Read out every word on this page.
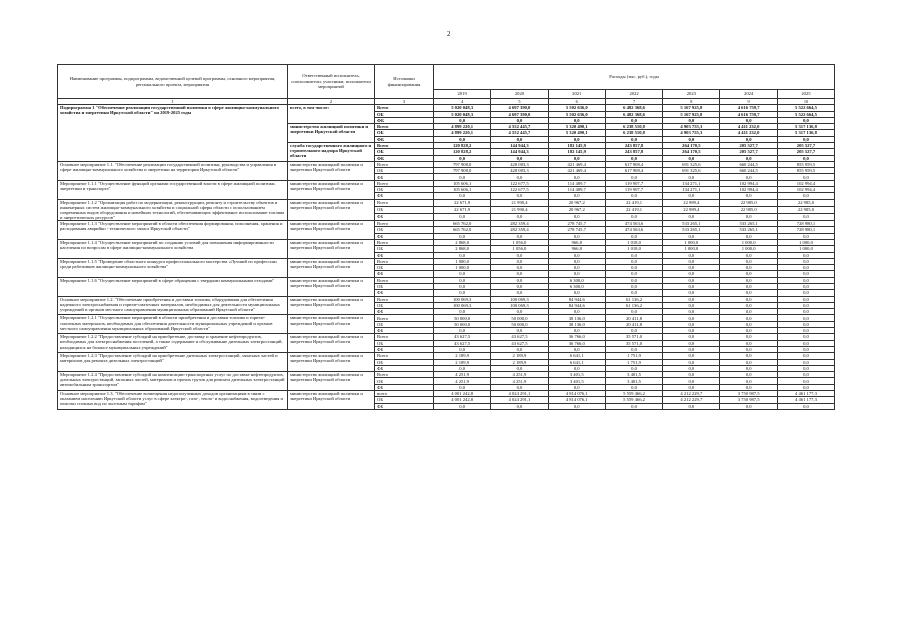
2
Наименование программы, подпрограммы, ведомственной целевой программы, основного мероприятия, регионального проекта, мероприятия	Ответственный исполнитель, соисполнители, участники, исполнители мероприятий	Источники финансирования	Расходы (тыс. руб.), годы						
			2019	2020	2021	2022	2023	2024	2025
1	2	3	4	5	6	7	8	9	10
Подпрограмма 1 "Обеспечение реализации государственной политики в сфере жилищно-коммунального хозяйства и энергетики Иркутской области" на 2019-2025 годы	всего, в том числе:	Всего	5 020 048,3	4 697 390,0	5 502 636,0	6 482 368,6	5 167 925,8	4 616 759,7	5 522 664,5
		ОБ	5 020 048,3	4 697 390,0	5 502 636,0	6 482 368,6	5 167 925,8	4 616 759,7	5 522 664,5
		ФБ	0,0	0,0	0,0	0,0	0,0	0,0	0,0
	министерство жилищной политики и энергетики Иркутской области	Всего	4 899 220,1	4 552 445,7	5 320 490,1	6 238 510,8	4 903 755,3	4 411 232,0	5 317 136,8
		ОБ	4 899 220,1	4 552 445,7	5 320 490,1	6 238 510,8	4 903 755,3	4 411 232,0	5 317 136,8
		ФБ	0,0	0,0	0,0	0,0	0,0	0,0	0,0
	служба государственного жилищного и строительного надзора Иркутской области	Всего	120 828,2	144 944,3	182 145,9	243 857,8	264 170,5	205 527,7	205 527,7
		ОБ	120 828,2	144 944,3	182 145,9	243 857,8	264 170,5	205 527,7	205 527,7
		ФБ	0,0	0,0	0,0	0,0	0,0	0,0	0,0
Основное мероприятие 1.1. "Обеспечение реализации государственной политики, руководства и управления в сфере жилищно-коммунального хозяйства и энергетики на территории Иркутской области"	министерство жилищной политики и энергетики Иркутской области	Всего	797 908,0	428 083,3	421 469,4	617 908,4	691 325,6	660 244,5	855 959,5
		ОБ	797 908,0	428 083,3	421 469,4	617 908,4	691 325,6	660 244,5	855 959,5
		ФБ	0,0	0,0	0,0	0,0	0,0	0,0	0,0
Мероприятие 1.1.1 "Осуществление функций органами государственной власти в сфере жилищной политики, энергетики и транспорта"	министерство жилищной политики и энергетики Иркутской области	Всего	105 606,1	122 677,5	114 489,7	119 907,7	134 271,1	102 994,4	102 994,4
		ОБ	105 606,1	122 677,5	114 489,7	119 907,7	134 271,1	102 994,4	102 994,4
		ФБ	0,0	0,0	0,0	0,0	0,0	0,0	0,0
Мероприятие 1.1.2 "Организация работ по модернизации, реконструкции, ремонту и строительству объектов и инженерных систем жилищно-коммунального хозяйства и социальной сферы области с использованием современных видов оборудования и новейших технологий, обеспечивающих эффективное использование топлива и энергетических ресурсов"	министерство жилищной политики и энергетики Иркутской области	Всего	22 671,9	21 990,4	20 967,2	22 419,1	22 989,4	22 985,0	22 985,0
		ОБ	22 671,9	21 990,4	20 967,2	22 419,1	22 989,4	22 985,0	22 985,0
		ФБ	0,0	0,0	0,0	0,0	0,0	0,0	0,0
Мероприятие 1.1.3 "Осуществление мероприятий в области обеспечения формирования, пополнения, хранения и расходования аварийно - технического запаса Иркутской области"	министерство жилищной политики и энергетики Иркутской области	Всего	665 762,0	282 359,4	278 745,7	474 563,6	533 265,1	533 265,1	728 980,1
		ОБ	665 762,0	282 359,4	278 745,7	474 563,6	533 265,1	533 265,1	728 980,1
		ФБ	0,0	0,0	0,0	0,0	0,0	0,0	0,0
Мероприятие 1.1.4 "Осуществление мероприятий по созданию условий для повышения информированности населения по вопросам в сфере жилищно-коммунального хозяйства	министерство жилищной политики и энергетики Иркутской области	Всего	2 868,0	1 056,0	966,8	1 018,0	1 000,0	1 000,0	1 000,0
		ОБ	2 868,0	1 056,0	966,8	1 018,0	1 000,0	1 000,0	1 000,0
		ФБ	0,0	0,0	0,0	0,0	0,0	0,0	0,0
Мероприятие 1.1.5 "Проведение областного конкурса профессионального мастерства «Лучший по профессии» среди работников жилищно-коммунального хозяйства"	министерство жилищной политики и энергетики Иркутской области	Всего	1 000,0	0,0	0,0	0,0	0,0	0,0	0,0
		ОБ	1 000,0	0,0	0,0	0,0	0,0	0,0	0,0
		ФБ	0,0	0,0	0,0	0,0	0,0	0,0	0,0
Мероприятие 1.1.6 "Осуществление мероприятий в сфере обращения с твердыми коммунальными отходами"	министерство жилищной политики и энергетики Иркутской области	Всего	0,0	0,0	6 300,0	0,0	0,0	0,0	0,0
		ОБ	0,0	0,0	6 300,0	0,0	0,0	0,0	0,0
		ФБ	0,0	0,0	0,0	0,0	0,0	0,0	0,0
Основное мероприятие 1.2. "Обеспечение приобретения и доставки топлива, оборудования для обеспечения надежного электроснабжения и горюче-смазочных материалов, необходимых для деятельности муниципальных учреждений и органов местного самоуправления муниципальных образований Иркутской области"	министерство жилищной политики и энергетики Иркутской области	Всего	100 069,3	100 069,3	84 944,6	61 136,2	0,0	0,0	0,0
		ОБ	100 069,3	100 069,3	84 944,6	61 136,2	0,0	0,0	0,0
		ФБ	0,0	0,0	0,0	0,0	0,0	0,0	0,0
Мероприятие 1.2.1 "Осуществление мероприятий в области приобретения и доставки топлива и горюче-смазочных материалов, необходимых для обеспечения деятельности муниципальных учреждений и органов местного самоуправления муниципальных образований Иркутской области"	министерство жилищной политики и энергетики Иркутской области	Всего	50 000,0	50 000,0	38 136,0	20 411,8	0,0	0,0	0,0
		ОБ	50 000,0	50 000,0	38 136,0	20 411,8	0,0	0,0	0,0
		ФБ	0,0	0,0	0,0	0,0	0,0	0,0	0,0
Мероприятие 1.2.2 "Предоставление субсидий на приобретение, доставку и хранение нефтепродуктов, необходимых для электроснабжения поселений, а также содержание и обслуживание дизельных электростанций, находящихся на балансе муниципальных учреждений"	министерство жилищной политики и энергетики Иркутской области	Всего	43 627,5	43 627,5	36 766,0	35 571,0	0,0	0,0	0,0
		ОБ	43 627,5	43 627,5	36 766,0	35 571,0	0,0	0,0	0,0
		ФБ	0,0	0,0	0,0	0,0	0,0	0,0	0,0
Мероприятие 1.2.3 "Предоставление субсидий на приобретение дизельных электростанций, запасных частей и материалов для ремонта дизельных электростанций"	министерство жилищной политики и энергетики Иркутской области	Всего	2 189,9	2 189,9	6 641,1	1 751,9	0,0	0,0	0,0
		ОБ	2 189,9	2 189,9	6 641,1	1 751,9	0,0	0,0	0,0
		ФБ	0,0	0,0	0,0	0,0	0,0	0,0	0,0
Мероприятие 1.2.4 "Предоставление субсидий на компенсацию транспортных услуг по доставке нефтепродуктов, дизельных электростанций, запасных частей, материалов и прочих грузов для ремонта дизельных электростанций автомобильным транспортом"	министерство жилищной политики и энергетики Иркутской области	Всего	4 251,9	4 251,9	3 401,5	3 401,5	0,0	0,0	0,0
		ОБ	4 251,9	4 251,9	3 401,5	3 401,5	0,0	0,0	0,0
		ФБ	0,0	0,0	0,0	0,0	0,0	0,0	0,0
Основное мероприятие 1.3. "Обеспечение возмещения недополученных доходов организациям в связи с оказанием населению Иркутской области услуг в сфере электро-, газо-, тепло- и водоснабжения, водоотведения и очистки сточных вод по льготным тарифам"	министерство жилищной политики и энергетики Иркутской области	всего	4 001 242,8	4 024 291,1	4 814 076,1	5 559 466,2	4 212 229,7	3 750 987,5	4 461 177,3
		ОБ	4 001 242,8	4 024 291,1	4 814 076,1	5 559 466,2	4 212 229,7	3 750 987,5	4 461 177,3
		ФБ	0,0	0,0	0,0	0,0	0,0	0,0	0,0
